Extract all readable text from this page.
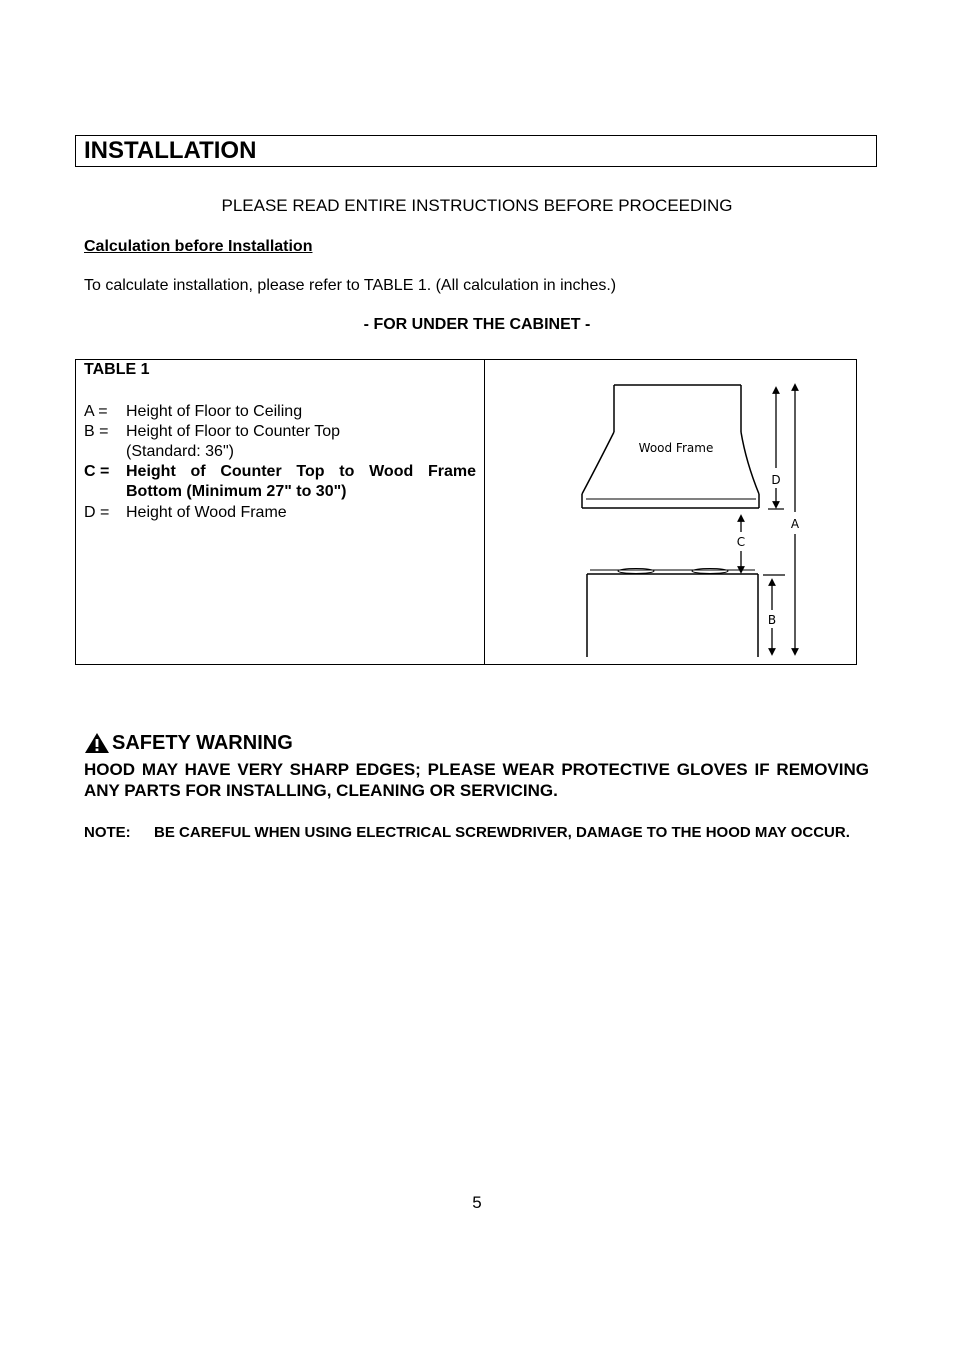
INSTALLATION
PLEASE READ ENTIRE INSTRUCTIONS BEFORE PROCEEDING
Calculation before Installation
To calculate installation, please refer to TABLE 1. (All calculation in inches.)
- FOR UNDER THE CABINET -
TABLE 1
A =	Height of Floor to Ceiling
B =	Height of Floor to Counter Top
(Standard: 36")
C =	Height of Counter Top to Wood Frame
Bottom (Minimum 27" to 30")
D =	Height of Wood Frame
Wood Frame
D
A
C
B
SAFETY WARNING
HOOD MAY HAVE VERY SHARP EDGES; PLEASE WEAR PROTECTIVE GLOVES IF REMOVING ANY PARTS FOR INSTALLING, CLEANING OR SERVICING.
NOTE: BE CAREFUL WHEN USING ELECTRICAL SCREWDRIVER, DAMAGE TO THE HOOD MAY OCCUR.
5
